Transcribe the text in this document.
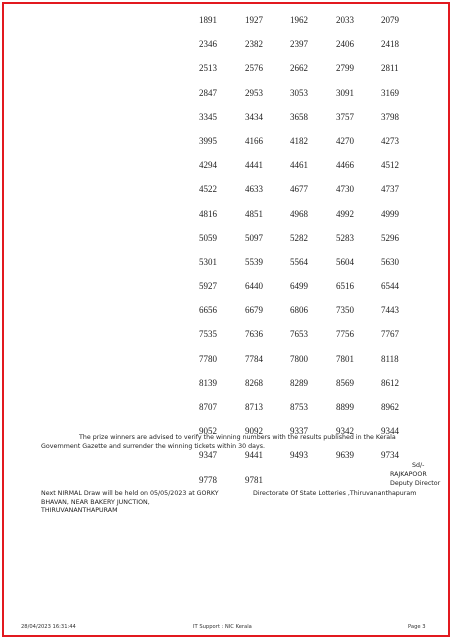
1891	1927	1962	2033	2079
2346	2382	2397	2406	2418
2513	2576	2662	2799	2811
2847	2953	3053	3091	3169
3345	3434	3658	3757	3798
3995	4166	4182	4270	4273
4294	4441	4461	4466	4512
4522	4633	4677	4730	4737
4816	4851	4968	4992	4999
5059	5097	5282	5283	5296
5301	5539	5564	5604	5630
5927	6440	6499	6516	6544
6656	6679	6806	7350	7443
7535	7636	7653	7756	7767
7780	7784	7800	7801	8118
8139	8268	8289	8569	8612
8707	8713	8753	8899	8962
9052	9092	9337	9342	9344
9347	9441	9493	9639	9734
9778	9781
The prize winners are advised to verify the winning numbers with the results published in the Kerala
Government Gazette and surrender the winning tickets within 30 days.
Sd/-
RAJKAPOOR
Deputy Director
Next NIRMAL Draw will be held on 05/05/2023 at GORKY
BHAVAN, NEAR BAKERY JUNCTION,
THIRUVANANTHAPURAM
Directorate Of State Lotteries ,Thiruvananthapuram
28/04/2023 16:31:44	IT Support : NIC Kerala	Page 3
